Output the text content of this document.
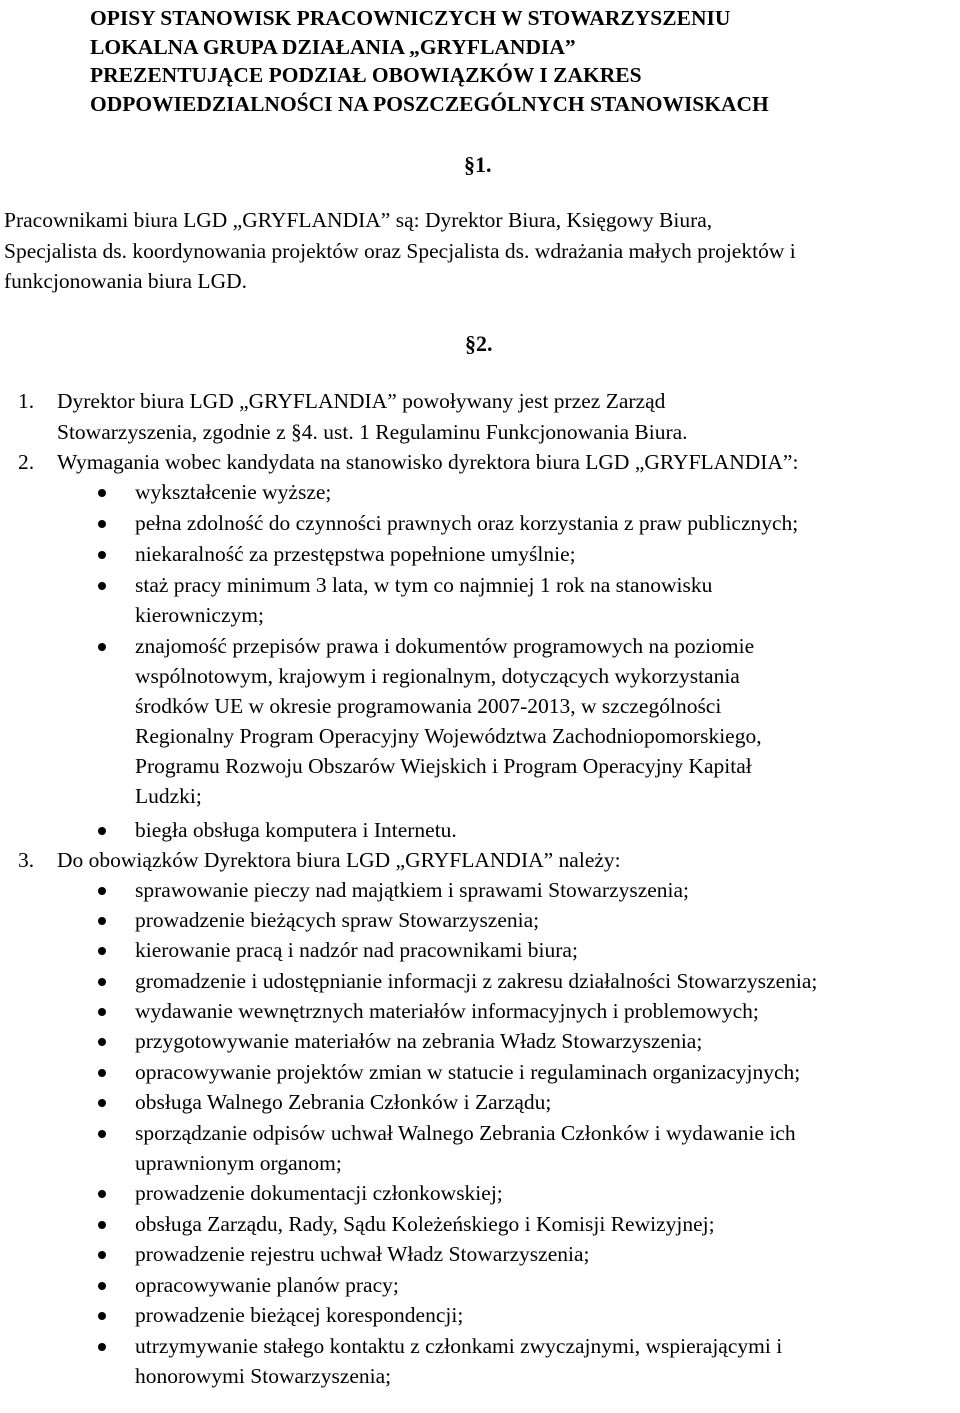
OPISY STANOWISK PRACOWNICZYCH W STOWARZYSZENIU
LOKALNA GRUPA DZIAŁANIA „GRYFLANDIA”
PREZENTUJĄCE PODZIAŁ OBOWIĄZKÓW I ZAKRES
ODPOWIEDZIALNOŚCI NA POSZCZEGÓLNYCH STANOWISKACH
§1.
Pracownikami biura LGD „GRYFLANDIA” są: Dyrektor Biura, Księgowy Biura,
Specjalista ds. koordynowania projektów oraz Specjalista ds. wdrażania małych projektów i
funkcjonowania biura LGD.
§2.
1. Dyrektor biura LGD „GRYFLANDIA” powoływany jest przez Zarząd
Stowarzyszenia, zgodnie z §4. ust. 1 Regulaminu Funkcjonowania Biura.
2. Wymagania wobec kandydata na stanowisko dyrektora biura LGD „GRYFLANDIA”:
wykształcenie wyższe;
pełna zdolność do czynności prawnych oraz korzystania z praw publicznych;
niekaralność za przestępstwa popełnione umyślnie;
staż pracy minimum 3 lata, w tym co najmniej 1 rok na stanowisku
kierowniczym;
znajomość przepisów prawa i dokumentów programowych na poziomie
wspólnotowym, krajowym i regionalnym, dotyczących wykorzystania
środków UE w okresie programowania 2007-2013, w szczególności
Regionalny Program Operacyjny Województwa Zachodniopomorskiego,
Programu Rozwoju Obszarów Wiejskich i Program Operacyjny Kapitał
Ludzki;
biegła obsługa komputera i Internetu.
3. Do obowiązków Dyrektora biura LGD „GRYFLANDIA” należy:
sprawowanie pieczy nad majątkiem i sprawami Stowarzyszenia;
prowadzenie bieżących spraw Stowarzyszenia;
kierowanie pracą i nadzór nad pracownikami biura;
gromadzenie i udostępnianie informacji z zakresu działalności Stowarzyszenia;
wydawanie wewnętrznych materiałów informacyjnych i problemowych;
przygotowywanie materiałów na zebrania Władz Stowarzyszenia;
opracowywanie projektów zmian w statucie i regulaminach organizacyjnych;
obsługa Walnego Zebrania Członków i Zarządu;
sporządzanie odpisów uchwał Walnego Zebrania Członków i wydawanie ich
uprawnionym organom;
prowadzenie dokumentacji członkowskiej;
obsługa Zarządu, Rady, Sądu Koleżeńskiego i Komisji Rewizyjnej;
prowadzenie rejestru uchwał Władz Stowarzyszenia;
opracowywanie planów pracy;
prowadzenie bieżącej korespondencji;
utrzymywanie stałego kontaktu z członkami zwyczajnymi, wspierającymi i
honorowymi Stowarzyszenia;
